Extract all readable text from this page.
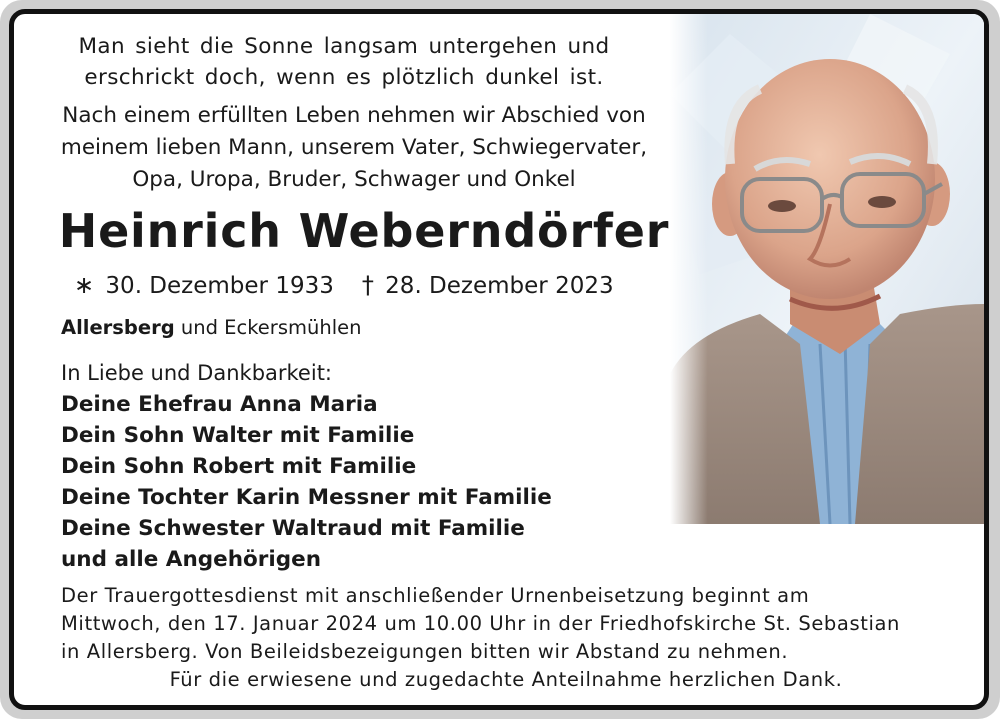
Man sieht die Sonne langsam untergehen und
erschrickt doch, wenn es plötzlich dunkel ist.
Nach einem erfüllten Leben nehmen wir Abschied von
meinem lieben Mann, unserem Vater, Schwiegervater,
Opa, Uropa, Bruder, Schwager und Onkel
Heinrich Weberndörfer
∗ 30. Dezember 1933 † 28. Dezember 2023
Allersberg und Eckersmühlen
In Liebe und Dankbarkeit:
Deine Ehefrau Anna Maria
Dein Sohn Walter mit Familie
Dein Sohn Robert mit Familie
Deine Tochter Karin Messner mit Familie
Deine Schwester Waltraud mit Familie
und alle Angehörigen
Der Trauergottesdienst mit anschließender Urnenbeisetzung beginnt am
Mittwoch, den 17. Januar 2024 um 10.00 Uhr in der Friedhofskirche St. Sebastian
in Allersberg. Von Beileidsbezeigungen bitten wir Abstand zu nehmen.
Für die erwiesene und zugedachte Anteilnahme herzlichen Dank.
